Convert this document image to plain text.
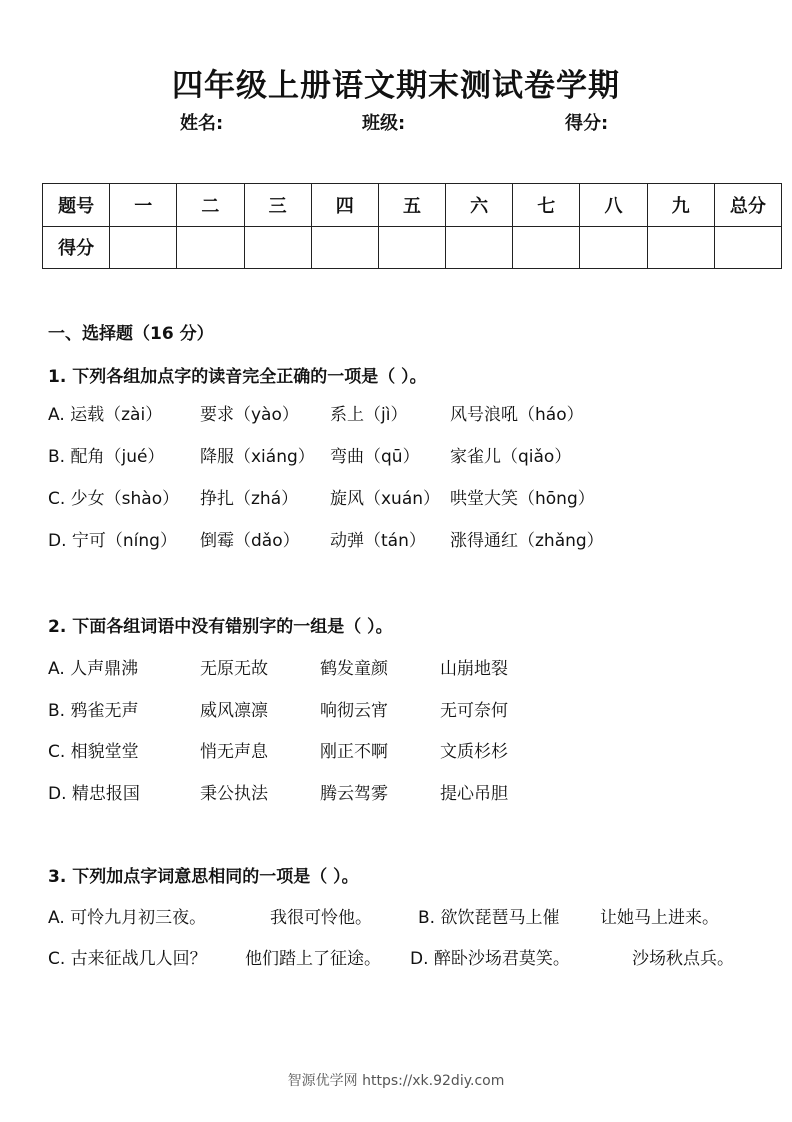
四年级上册语文期末测试卷学期
姓名:	班级:	得分:
题号	一	二	三	四	五	六	七	八	九	总分
得分										
一、选择题（16 分）
1. 下列各组加点字的读音完全正确的一项是（ ）。
A. 运载（zài） 要求（yào） 系上（jì）	风号浪吼（háo）
B. 配角（jué） 降服（xiáng） 弯曲（qū） 家雀儿（qiǎo）
C. 少女（shào） 挣扎（zhá） 旋风（xuán） 哄堂大笑（hōng）
D. 宁可（níng） 倒霉（dǎo） 动弹（tán） 涨得通红（zhǎng）
2. 下面各组词语中没有错别字的一组是（ ）。
A. 人声鼎沸	无原无故	鹤发童颜	山崩地裂
B. 鸦雀无声	威风凛凛	响彻云宵	无可奈何
C. 相貌堂堂	悄无声息	刚正不啊	文质杉杉
D. 精忠报国	秉公执法	腾云驾雾	提心吊胆
3. 下列加点字词意思相同的一项是（ ）。
A. 可怜九月初三夜。	我很可怜他。	B. 欲饮琵琶马上催 让她马上进来。
C. 古来征战几人回？ 他们踏上了征途。 D. 醉卧沙场君莫笑。	沙场秋点兵。
智源优学网 https://xk.92diy.com
